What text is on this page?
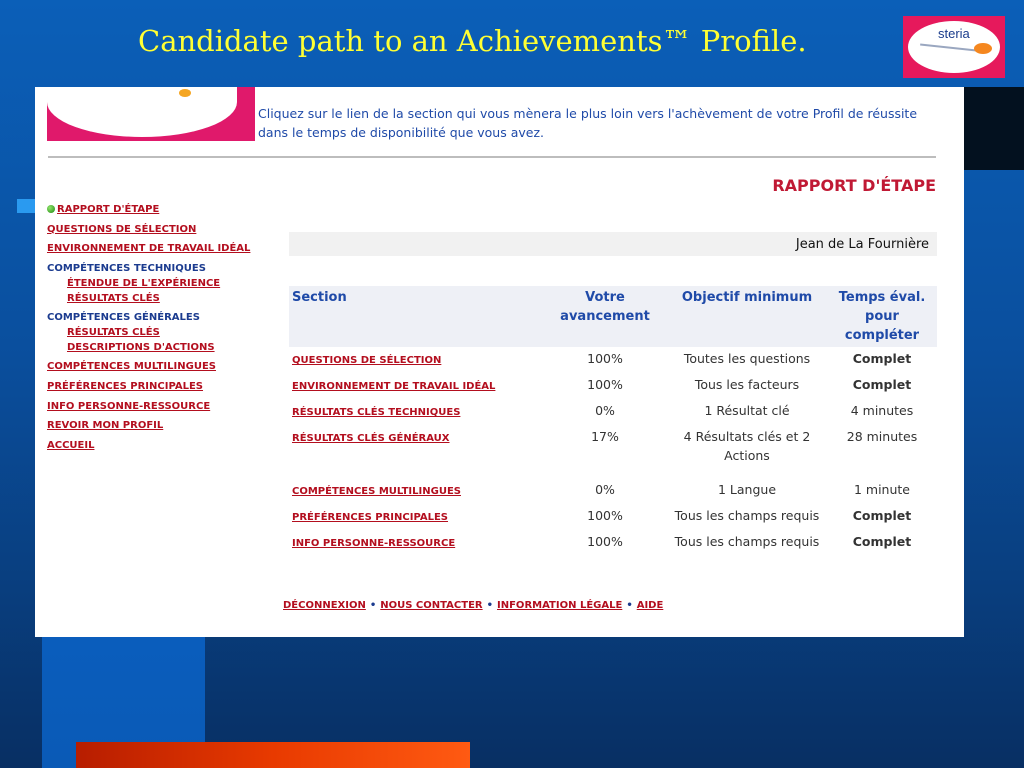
Candidate path to an Achievements™ Profile.	steria

Cliquez sur le lien de la section qui vous mènera le plus loin vers l'achèvement de votre Profil de réussite dans le temps de disponibilité que vous avez.

RAPPORT D'ÉTAPE
RAPPORT D'ÉTAPE
QUESTIONS DE SÉLECTION
ENVIRONNEMENT DE TRAVAIL IDÉAL
COMPÉTENCES TECHNIQUES
ÉTENDUE DE L'EXPÉRIENCE
RÉSULTATS CLÉS
COMPÉTENCES GÉNÉRALES
RÉSULTATS CLÉS
DESCRIPTIONS D'ACTIONS
COMPÉTENCES MULTILINGUES
PRÉFÉRENCES PRINCIPALES
INFO PERSONNE-RESSOURCE
REVOIR MON PROFIL
ACCUEIL
Jean de La Fournière
Section	Votre avancement	Objectif minimum	Temps éval. pour compléter
QUESTIONS DE SÉLECTION	100%	Toutes les questions	Complet
ENVIRONNEMENT DE TRAVAIL IDÉAL	100%	Tous les facteurs	Complet
RÉSULTATS CLÉS TECHNIQUES	0%	1 Résultat clé	4 minutes
RÉSULTATS CLÉS GÉNÉRAUX	17%	4 Résultats clés et 2 Actions	28 minutes
COMPÉTENCES MULTILINGUES	0%	1 Langue	1 minute
PRÉFÉRENCES PRINCIPALES	100%	Tous les champs requis	Complet
INFO PERSONNE-RESSOURCE	100%	Tous les champs requis	Complet
DÉCONNEXION • NOUS CONTACTER • INFORMATION LÉGALE • AIDE
